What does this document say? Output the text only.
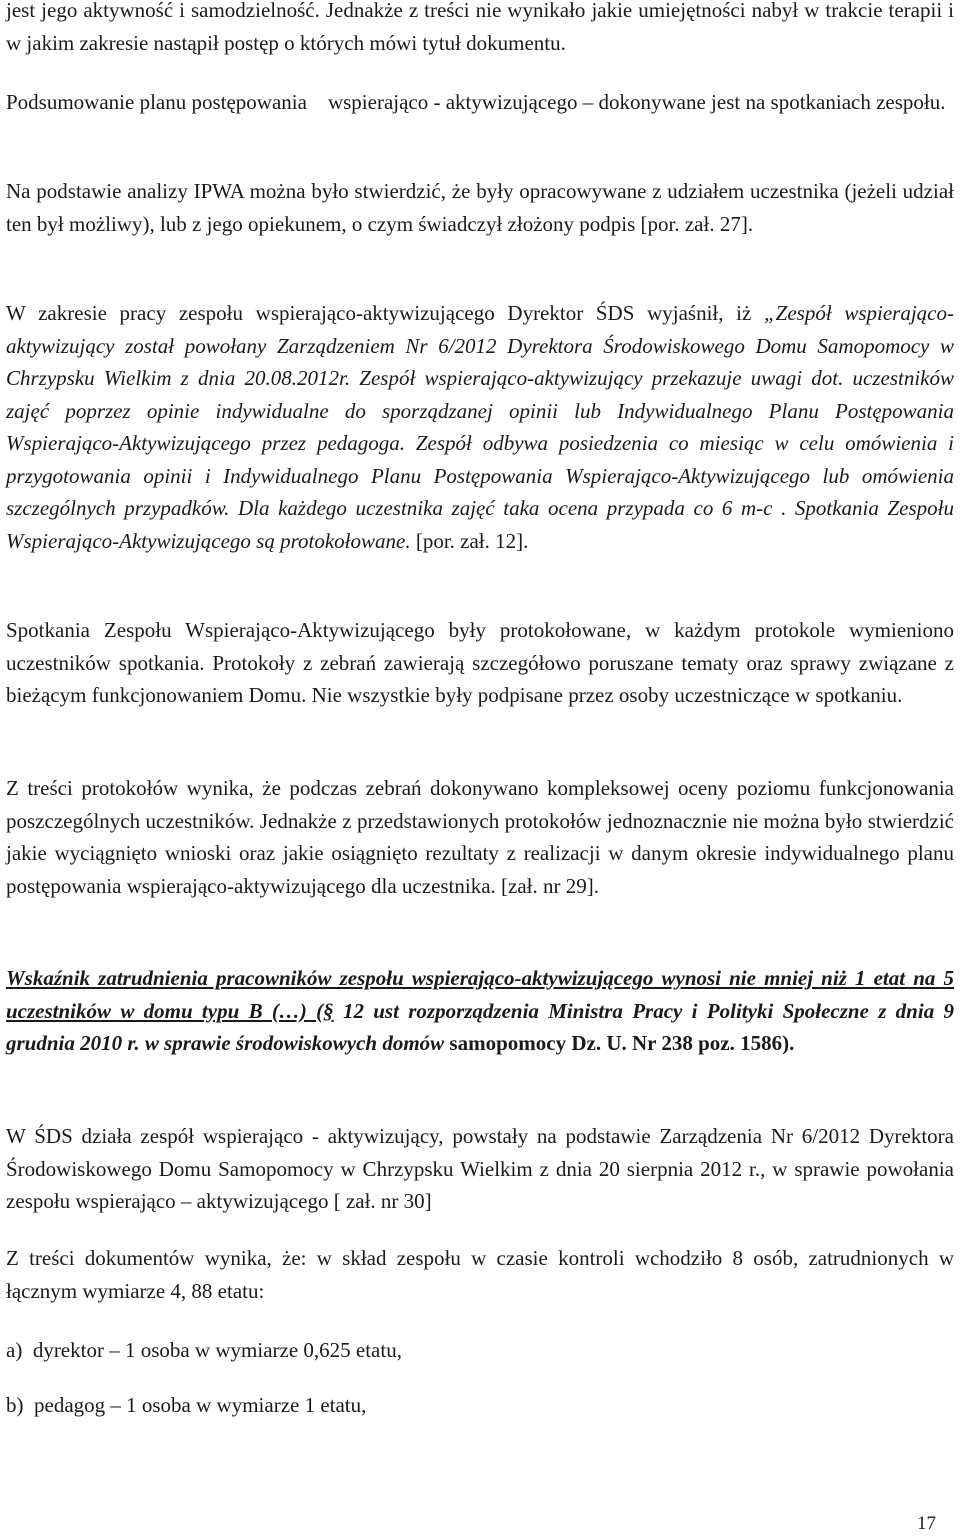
jest jego aktywność i samodzielność. Jednakże z treści nie wynikało jakie umiejętności nabył w trakcie terapii i w jakim zakresie nastąpił postęp o których mówi tytuł dokumentu.

Podsumowanie planu postępowania    wspierająco - aktywizującego – dokonywane jest na spotkaniach zespołu.

Na podstawie analizy IPWA można było stwierdzić, że były opracowywane z udziałem uczestnika (jeżeli udział ten był możliwy), lub z jego opiekunem, o czym świadczył złożony podpis [por. zał. 27].

W zakresie pracy zespołu wspierająco-aktywizującego Dyrektor ŚDS wyjaśnił, iż „Zespół wspierająco-aktywizujący został powołany Zarządzeniem Nr 6/2012 Dyrektora Środowiskowego Domu Samopomocy w Chrzypsku Wielkim z dnia 20.08.2012r. Zespół wspierająco-aktywizujący przekazuje uwagi dot. uczestników zajęć poprzez opinie indywidualne do sporządzanej opinii lub Indywidualnego Planu Postępowania Wspierająco-Aktywizującego przez pedagoga. Zespół odbywa posiedzenia co miesiąc w celu omówienia i przygotowania opinii i Indywidualnego Planu Postępowania Wspierająco-Aktywizującego lub omówienia szczególnych przypadków. Dla każdego uczestnika zajęć taka ocena przypada co 6 m-c . Spotkania Zespołu Wspierająco-Aktywizującego są protokołowane. [por. zał. 12].

Spotkania Zespołu Wspierająco-Aktywizującego były protokołowane, w każdym protokole wymieniono uczestników spotkania. Protokoły z zebrań zawierają szczegółowo poruszane tematy oraz sprawy związane z bieżącym funkcjonowaniem Domu. Nie wszystkie były podpisane przez osoby uczestniczące w spotkaniu.

Z treści protokołów wynika, że podczas zebrań dokonywano kompleksowej oceny poziomu funkcjonowania poszczególnych uczestników. Jednakże z przedstawionych protokołów jednoznacznie nie można było stwierdzić jakie wyciągnięto wnioski oraz jakie osiągnięto rezultaty z realizacji w danym okresie indywidualnego planu postępowania wspierająco-aktywizującego dla uczestnika. [zał. nr 29].

Wskaźnik zatrudnienia pracowników zespołu wspierająco-aktywizującego wynosi nie mniej niż 1 etat na 5 uczestników w domu typu B (…) (§ 12 ust rozporządzenia Ministra Pracy i Polityki Społeczne z dnia 9 grudnia 2010 r. w sprawie środowiskowych domów samopomocy Dz. U. Nr 238 poz. 1586).

W ŚDS działa zespół wspierająco - aktywizujący, powstały na podstawie Zarządzenia Nr 6/2012 Dyrektora Środowiskowego Domu Samopomocy w Chrzypsku Wielkim z dnia 20 sierpnia 2012 r., w sprawie powołania zespołu wspierająco – aktywizującego [ zał. nr 30]

Z treści dokumentów wynika, że: w skład zespołu w czasie kontroli wchodziło 8 osób, zatrudnionych w łącznym wymiarze 4, 88 etatu:

a)  dyrektor – 1 osoba w wymiarze 0,625 etatu,

b)  pedagog – 1 osoba w wymiarze 1 etatu,

17
